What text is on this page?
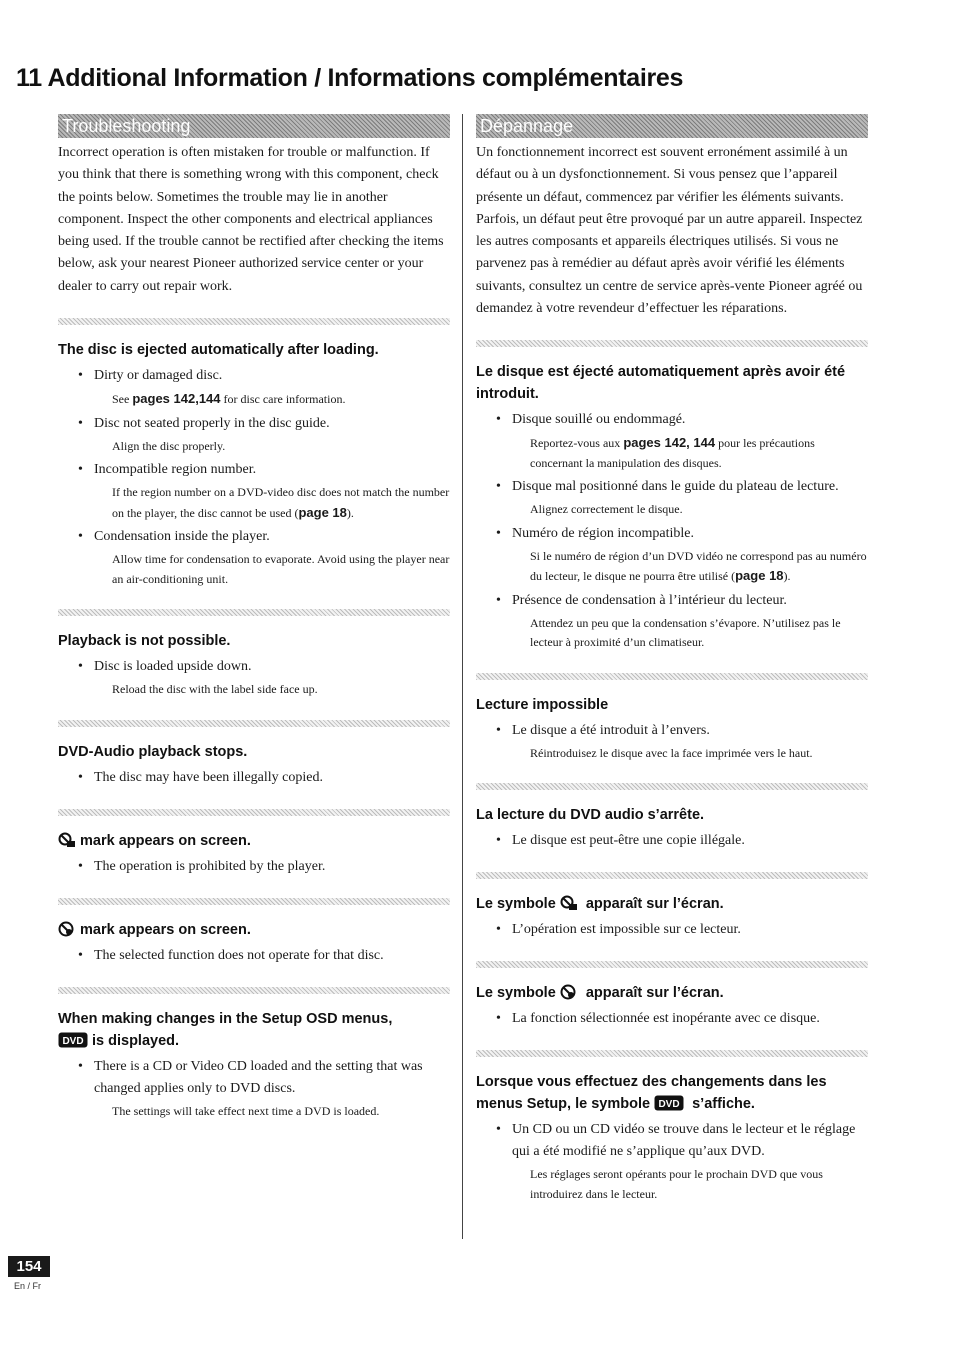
11 Additional Information / Informations complémentaires
Troubleshooting

Incorrect operation is often mistaken for trouble or malfunction. If you think that there is something wrong with this component, check the points below. Sometimes the trouble may lie in another component. Inspect the other components and electrical appliances being used. If the trouble cannot be rectified after checking the items below, ask your nearest Pioneer authorized service center or your dealer to carry out repair work.

The disc is ejected automatically after loading.
• Dirty or damaged disc.
See pages 142,144 for disc care information.
• Disc not seated properly in the disc guide.
Align the disc properly.
• Incompatible region number.
If the region number on a DVD-video disc does not match the number on the player, the disc cannot be used (page 18).
• Condensation inside the player.
Allow time for condensation to evaporate. Avoid using the player near an air-conditioning unit.
Playback is not possible.
• Disc is loaded upside down.
Reload the disc with the label side face up.
DVD-Audio playback stops.
• The disc may have been illegally copied.
mark appears on screen.
• The operation is prohibited by the player.
mark appears on screen.
• The selected function does not operate for that disc.
When making changes in the Setup OSD menus,

DVD is displayed.
• There is a CD or Video CD loaded and the setting that was changed applies only to DVD discs.
The settings will take effect next time a DVD is loaded.
Dépannage

Un fonctionnement incorrect est souvent erronément assimilé à un défaut ou à un dysfonctionnement. Si vous pensez que l’appareil présente un défaut, commencez par vérifier les éléments suivants. Parfois, un défaut peut être provoqué par un autre appareil. Inspectez les autres composants et appareils électriques utilisés. Si vous ne parvenez pas à remédier au défaut après avoir vérifié les éléments suivants, consultez un centre de service après-vente Pioneer agréé ou demandez à votre revendeur d’effectuer les réparations.

Le disque est éjecté automatiquement après avoir été introduit.
• Disque souillé ou endommagé.
Reportez-vous aux pages 142, 144 pour les précautions concernant la manipulation des disques.
• Disque mal positionné dans le guide du plateau de lecture.
Alignez correctement le disque.
• Numéro de région incompatible.
Si le numéro de région d’un DVD vidéo ne correspond pas au numéro du lecteur, le disque ne pourra être utilisé (page 18).
• Présence de condensation à l’intérieur du lecteur.
Attendez un peu que la condensation s’évapore. N’utilisez pas le lecteur à proximité d’un climatiseur.
Lecture impossible
• Le disque a été introduit à l’envers.
Réintroduisez le disque avec la face imprimée vers le haut.
La lecture du DVD audio s’arrête.
• Le disque est peut-être une copie illégale.
Le symbole  apparaît sur l’écran.
• L’opération est impossible sur ce lecteur.
Le symbole  apparaît sur l’écran.
• La fonction sélectionnée est inopérante avec ce disque.
Lorsque vous effectuez des changements dans les
menus Setup, le symbole DVD s’affiche.
• Un CD ou un CD vidéo se trouve dans le lecteur et le réglage qui a été modifié ne s’applique qu’aux DVD.
Les réglages seront opérants pour le prochain DVD que vous introduirez dans le lecteur.
154
En / Fr
